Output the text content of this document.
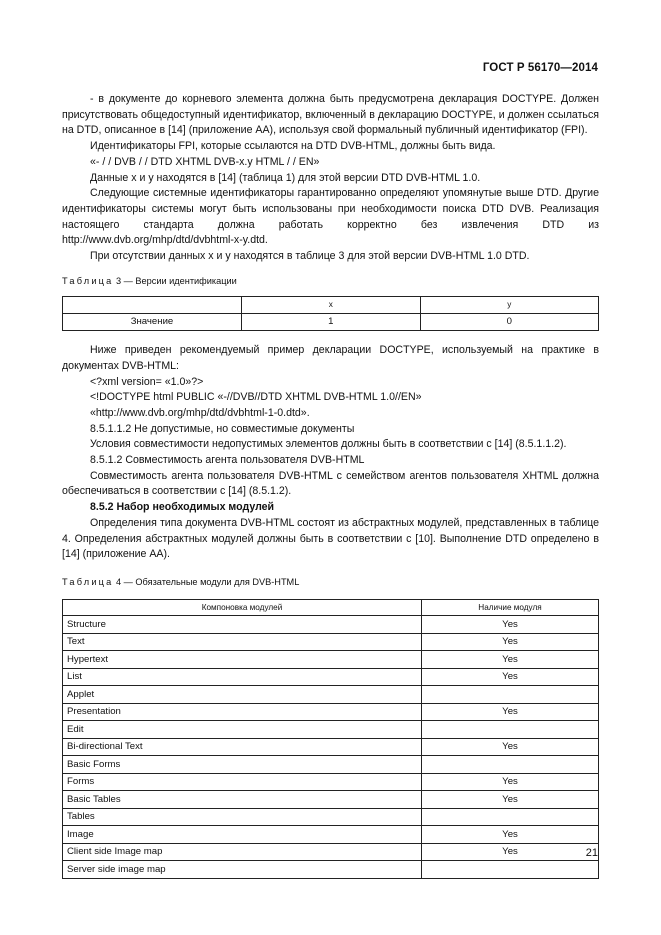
ГОСТ Р 56170—2014

- в документе до корневого элемента должна быть предусмотрена декларация DOCTYPE. Должен присутствовать общедоступный идентификатор, включенный в декларацию DOCTYPE, и должен ссылаться на DTD, описанное в [14] (приложение АА), используя свой формальный публичный идентификатор (FPI).

Идентификаторы FPI, которые ссылаются на DTD DVB-HTML, должны быть вида.

«- / / DVB / / DTD XHTML DVB-x.y HTML / / EN»

Данные x и y находятся в [14] (таблица 1) для этой версии DTD DVB-HTML 1.0.

Следующие системные идентификаторы гарантированно определяют упомянутые выше DTD. Другие идентификаторы системы могут быть использованы при необходимости поиска DTD DVB. Реализация настоящего стандарта должна работать корректно без извлечения DTD из http://www.dvb.org/mhp/dtd/dvbhtml-x-y.dtd.

При отсутствии данных x и y находятся в таблице 3 для этой версии DVB-HTML 1.0 DTD.

Таблица 3 — Версии идентификации

	x	y
Значение	1	0

Ниже приведен рекомендуемый пример декларации DOCTYPE, используемый на практике в документах DVB-HTML:

<?xml version= «1.0»?>

<!DOCTYPE html PUBLIC «-//DVB//DTD XHTML DVB-HTML 1.0//EN»

«http://www.dvb.org/mhp/dtd/dvbhtml-1-0.dtd».

8.5.1.1.2 Не допустимые, но совместимые документы

Условия совместимости недопустимых элементов должны быть в соответствии с [14] (8.5.1.1.2).

8.5.1.2 Совместимость агента пользователя DVB-HTML

Совместимость агента пользователя DVB-HTML с семейством агентов пользователя XHTML должна обеспечиваться в соответствии с [14] (8.5.1.2).

8.5.2 Набор необходимых модулей

Определения типа документа DVB-HTML состоят из абстрактных модулей, представленных в таблице 4. Определения абстрактных модулей должны быть в соответствии с [10]. Выполнение DTD определено в [14] (приложение АА).

Таблица 4 — Обязательные модули для DVB-HTML

Компоновка модулей	Наличие модуля
Structure	Yes
Text	Yes
Hypertext	Yes
List	Yes
Applet	
Presentation	Yes
Edit	
Bi-directional Text	Yes
Basic Forms	
Forms	Yes
Basic Tables	Yes
Tables	
Image	Yes
Client side Image map	Yes
Server side image map	
21
